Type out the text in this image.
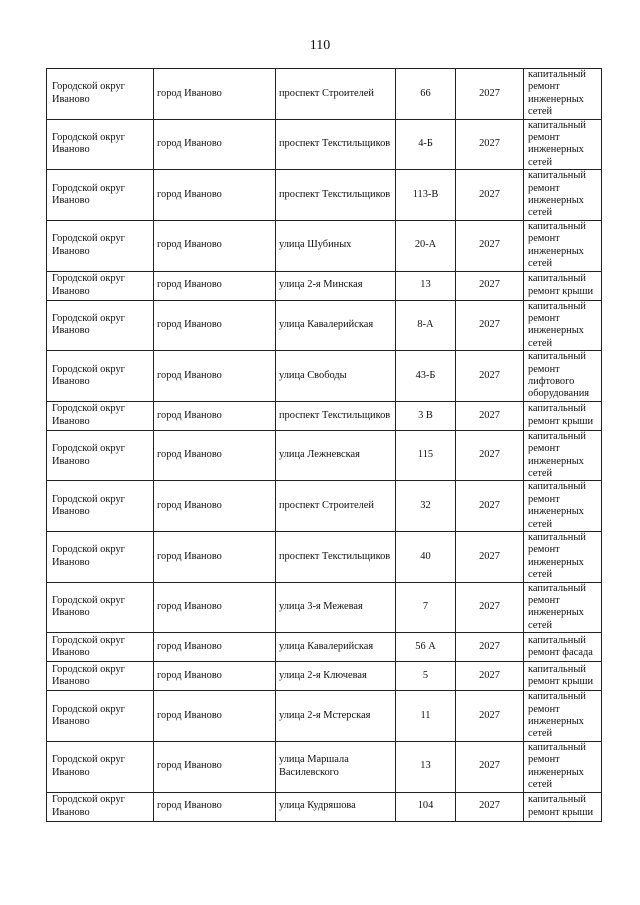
110
Городской округ Иваново	город Иваново	проспект Строителей	66	2027	капитальный ремонт инженерных сетей
Городской округ Иваново	город Иваново	проспект Текстильщиков	4-Б	2027	капитальный ремонт инженерных сетей
Городской округ Иваново	город Иваново	проспект Текстильщиков	113-В	2027	капитальный ремонт инженерных сетей
Городской округ Иваново	город Иваново	улица Шубиных	20-А	2027	капитальный ремонт инженерных сетей
Городской округ Иваново	город Иваново	улица 2-я Минская	13	2027	капитальный ремонт крыши
Городской округ Иваново	город Иваново	улица Кавалерийская	8-А	2027	капитальный ремонт инженерных сетей
Городской округ Иваново	город Иваново	улица Свободы	43-Б	2027	капитальный ремонт лифтового оборудования
Городской округ Иваново	город Иваново	проспект Текстильщиков	3 В	2027	капитальный ремонт крыши
Городской округ Иваново	город Иваново	улица Лежневская	115	2027	капитальный ремонт инженерных сетей
Городской округ Иваново	город Иваново	проспект Строителей	32	2027	капитальный ремонт инженерных сетей
Городской округ Иваново	город Иваново	проспект Текстильщиков	40	2027	капитальный ремонт инженерных сетей
Городской округ Иваново	город Иваново	улица 3-я Межевая	7	2027	капитальный ремонт инженерных сетей
Городской округ Иваново	город Иваново	улица Кавалерийская	56 А	2027	капитальный ремонт фасада
Городской округ Иваново	город Иваново	улица 2-я Ключевая	5	2027	капитальный ремонт крыши
Городской округ Иваново	город Иваново	улица 2-я Мстерская	11	2027	капитальный ремонт инженерных сетей
Городской округ Иваново	город Иваново	улица Маршала Василевского	13	2027	капитальный ремонт инженерных сетей
Городской округ Иваново	город Иваново	улица Кудряшова	104	2027	капитальный ремонт крыши
